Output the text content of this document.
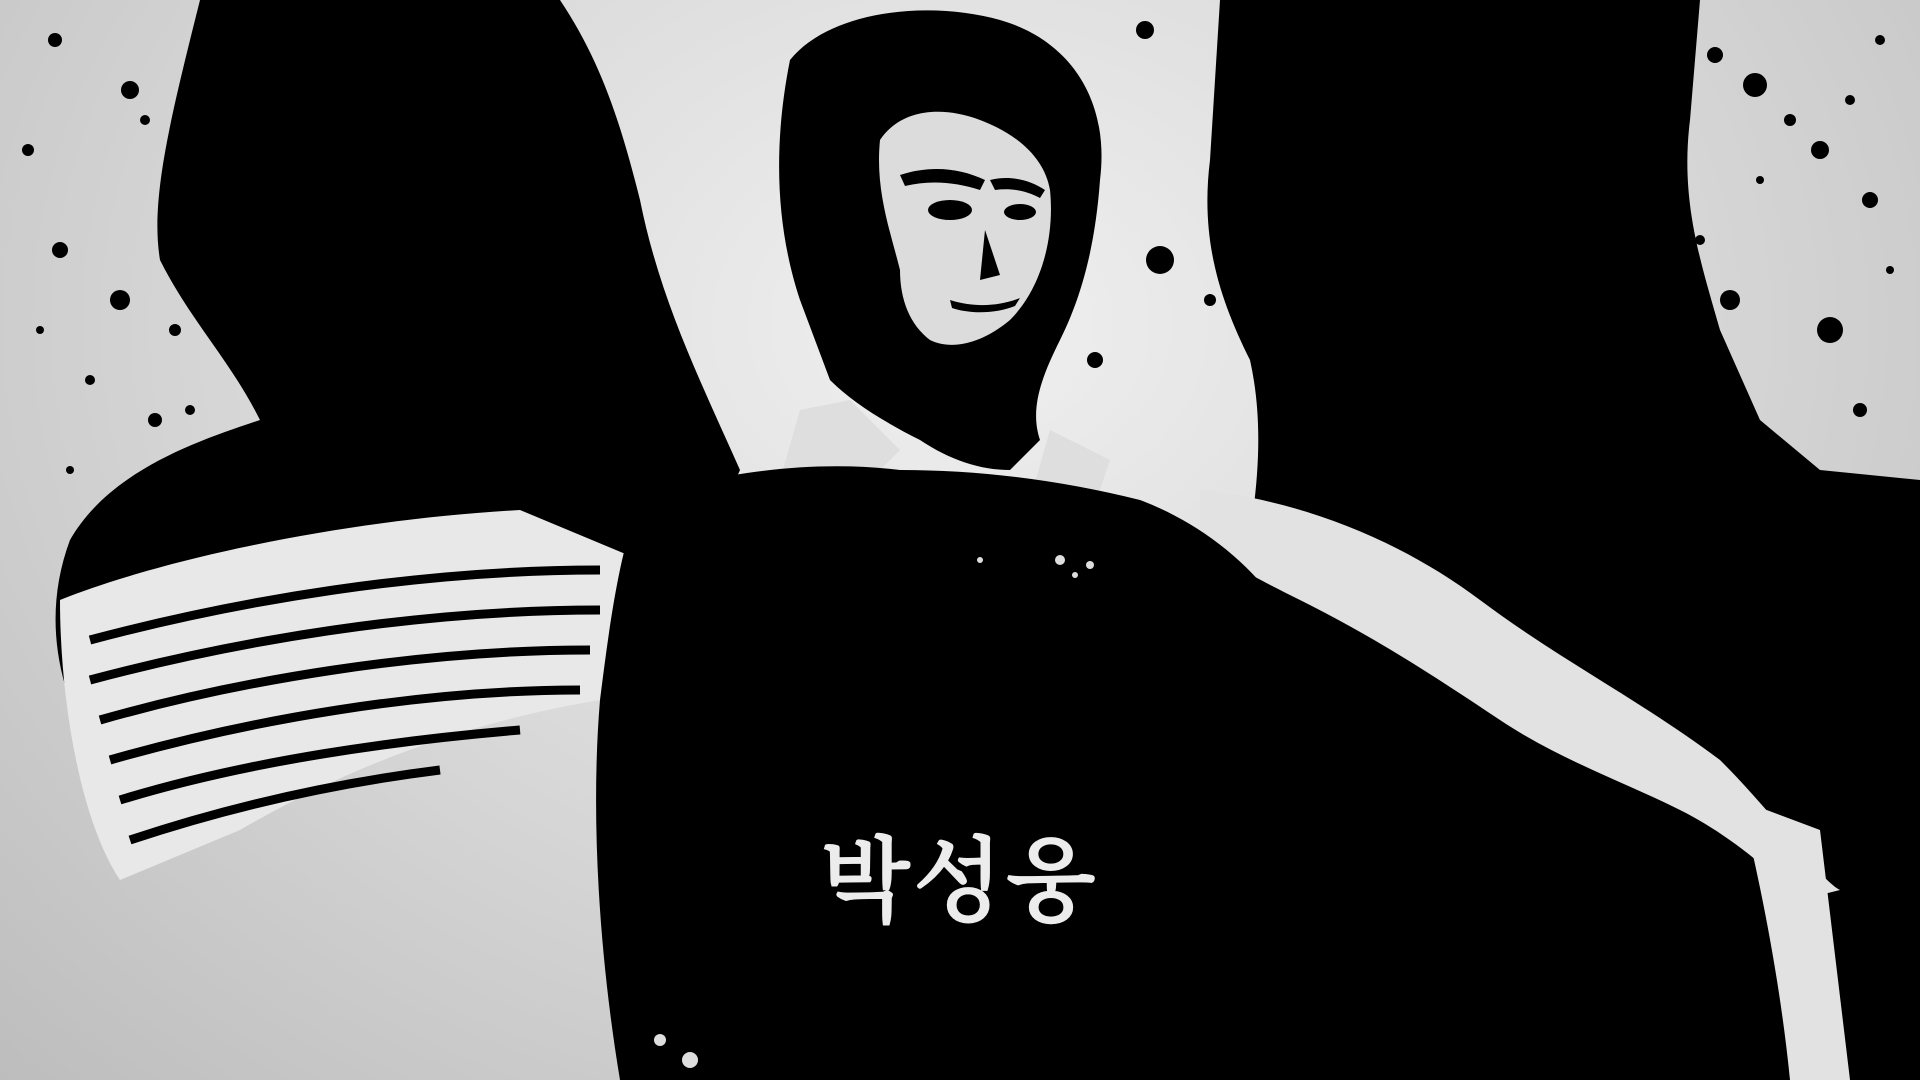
박성웅
